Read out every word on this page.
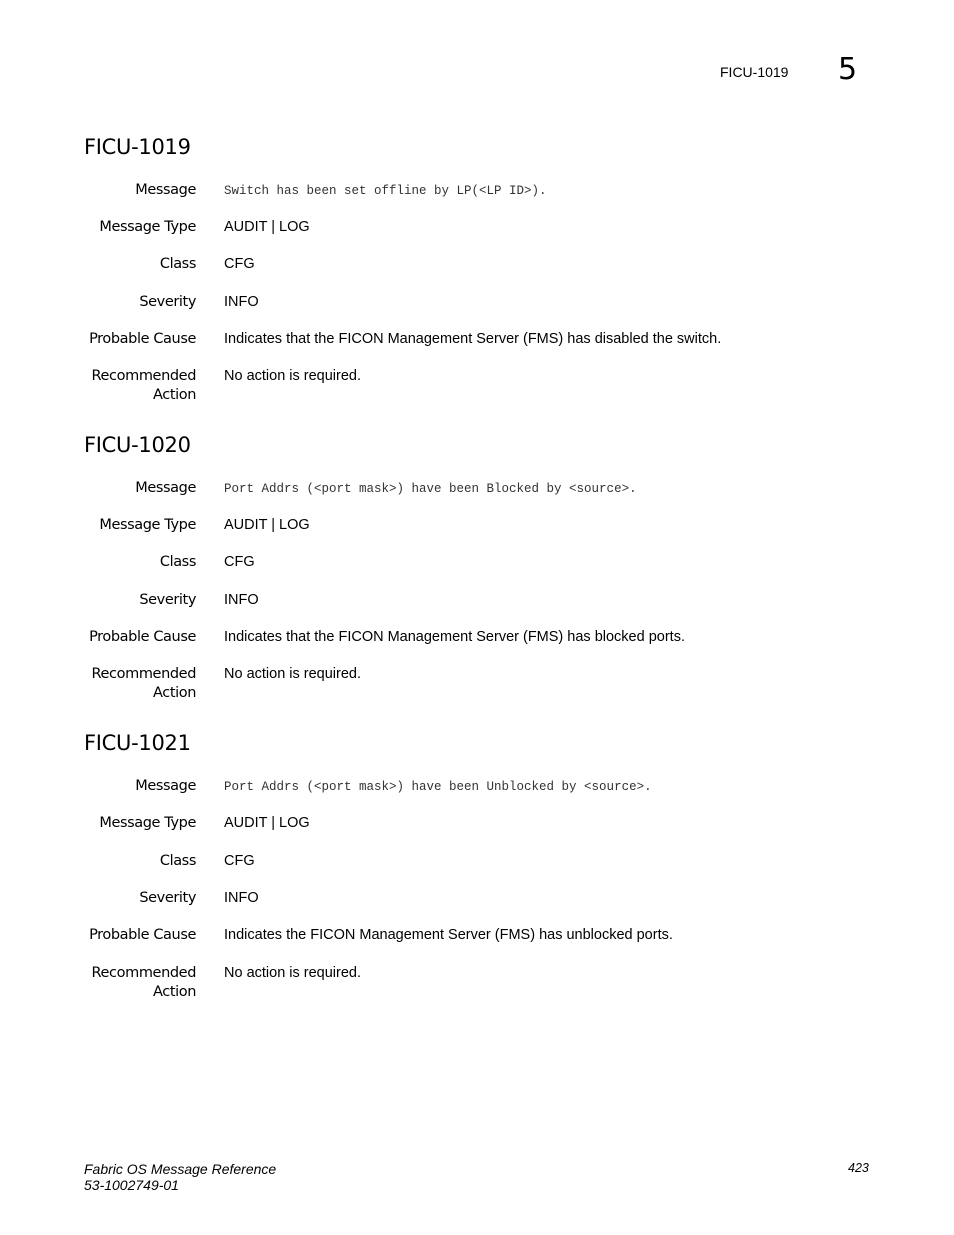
FICU-1019 5
FICU-1019
Message Switch has been set offline by LP(<LP ID>).
Message Type AUDIT | LOG
Class CFG
Severity INFO
Probable Cause Indicates that the FICON Management Server (FMS) has disabled the switch.
Recommended
Action
No action is required.
FICU-1020
Message Port Addrs (<port mask>) have been Blocked by <source>.
Message Type AUDIT | LOG
Class CFG
Severity INFO
Probable Cause Indicates that the FICON Management Server (FMS) has blocked ports.
Recommended
Action
No action is required.
FICU-1021
Message Port Addrs (<port mask>) have been Unblocked by <source>.
Message Type AUDIT | LOG
Class CFG
Severity INFO
Probable Cause Indicates the FICON Management Server (FMS) has unblocked ports.
Recommended
Action
No action is required.
Fabric OS Message Reference
53-1002749-01
423
